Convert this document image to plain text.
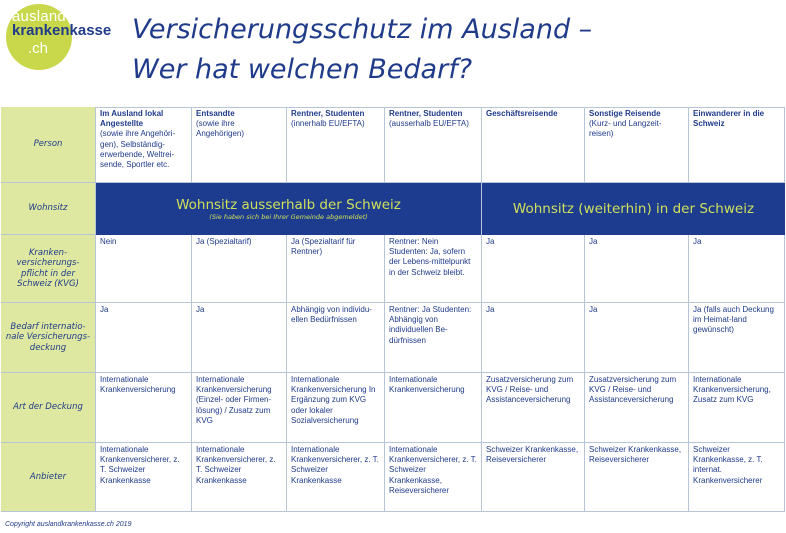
ausland
krankenkasse
.ch
Versicherungsschutz im Ausland –
Wer hat welchen Bedarf?
Person
Wohnsitz
Kranken-versicherungs-pflicht in der Schweiz (KVG)
Bedarf internatio-nale Versicherungs-deckung
Art der Deckung
Anbieter
Wohnsitz ausserhalb der Schweiz
(Sie haben sich bei Ihrer Gemeinde abgemeldet)	Wohnsitz (weiterhin) in der Schweiz
Im Ausland lokal Angestellte
(sowie ihre Angehöri-gen), Selbständig-erwerbende, Weltrei-sende, Sportler etc.
Nein
Ja
Internationale Krankenversicherung
Internationale Krankenversicherer, z. T. Schweizer Krankenkasse
Entsandte
(sowie ihre Angehörigen)
Ja (Spezialtarif)
Ja
Internationale Krankenversicherung (Einzel- oder Firmen-lösung) / Zusatz zum KVG
Internationale Krankenversicherer, z. T. Schweizer Krankenkasse
Rentner, Studenten
(innerhalb EU/EFTA)
Ja (Spezialtarif für Rentner)
Abhängig von individu-ellen Bedürfnissen
Internationale Krankenversicherung In Ergänzung zum KVG oder lokaler Sozialversicherung
Internationale Krankenversicherer, z. T. Schweizer Krankenkasse
Rentner, Studenten
(ausserhalb EU/EFTA)
Rentner: Nein Studenten: Ja, sofern der Lebens-mittelpunkt in der Schweiz bleibt.
Rentner: Ja Studenten: Abhängig von individuellen Be-dürfnissen
Internationale Krankenversicherung
Internationale Krankenversicherer, z. T. Schweizer Krankenkasse, Reiseversicherer
Geschäftsreisende
Ja
Ja
Zusatzversicherung zum KVG / Reise- und Assistanceversicherung
Schweizer Krankenkasse, Reiseversicherer
Sonstige Reisende
(Kurz- und Langzeit-reisen)
Ja
Ja
Zusatzversicherung zum KVG / Reise- und Assistanceversicherung
Schweizer Krankenkasse, Reiseversicherer
Einwanderer in die Schweiz
Ja
Ja (falls auch Deckung im Heimat-land gewünscht)
Internationale Krankenversicherung, Zusatz zum KVG
Schweizer Krankenkasse, z. T. internat. Krankenversicherer
Copyright auslandkrankenkasse.ch 2019
